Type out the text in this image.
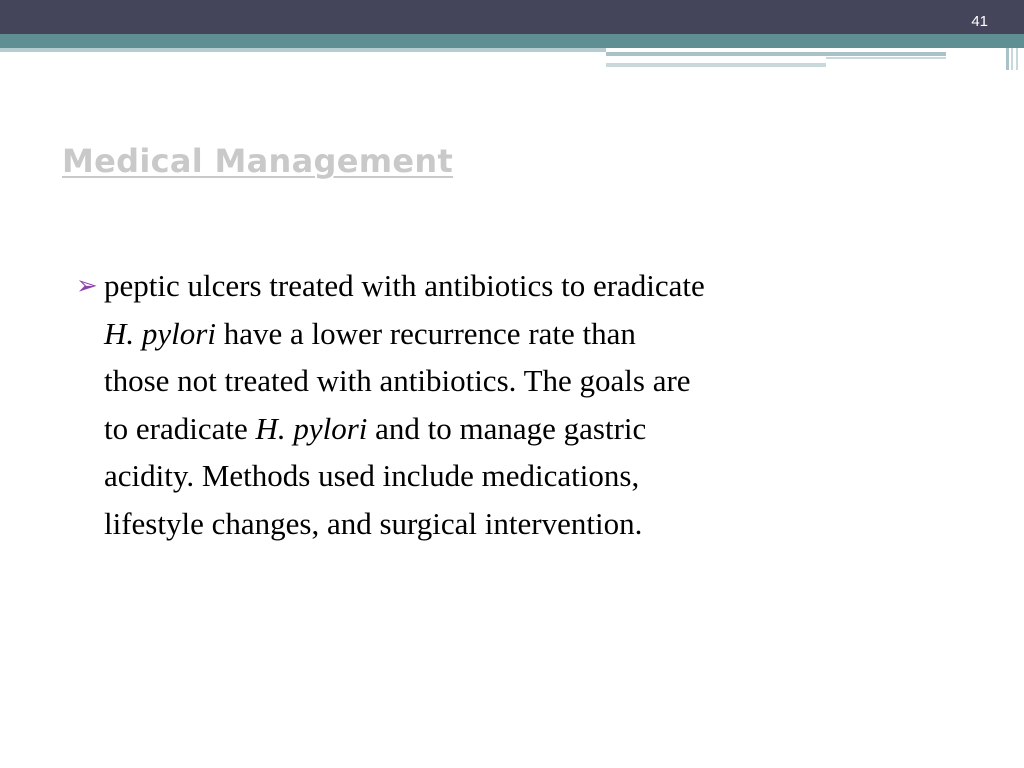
41
Medical Management
➢ peptic ulcers treated with antibiotics to eradicate
H. pylori have a lower recurrence rate than
those not treated with antibiotics. The goals are
to eradicate H. pylori and to manage gastric
acidity. Methods used include medications,
lifestyle changes, and surgical intervention.
